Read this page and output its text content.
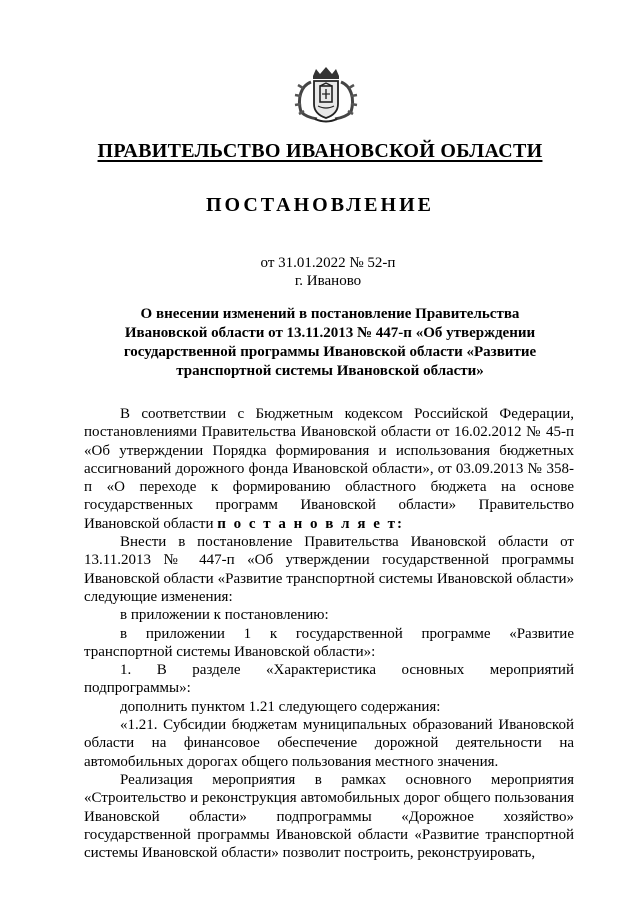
ПРАВИТЕЛЬСТВО ИВАНОВСКОЙ ОБЛАСТИ
ПОСТАНОВЛЕНИЕ
от 31.01.2022 № 52-п
г. Иваново
О внесении изменений в постановление Правительства Ивановской области от 13.11.2013 № 447-п «Об утверждении государственной программы Ивановской области «Развитие транспортной системы Ивановской области»

В соответствии с Бюджетным кодексом Российской Федерации, постановлениями Правительства Ивановской области от 16.02.2012 № 45-п «Об утверждении Порядка формирования и использования бюджетных ассигнований дорожного фонда Ивановской области», от 03.09.2013 № 358-п «О переходе к формированию областного бюджета на основе государственных программ Ивановской области» Правительство Ивановской области п о с т а н о в л я е т:

Внести в постановление Правительства Ивановской области от 13.11.2013 № 447-п «Об утверждении государственной программы Ивановской области «Развитие транспортной системы Ивановской области» следующие изменения:

в приложении к постановлению:

в приложении 1 к государственной программе «Развитие транспортной системы Ивановской области»:

1. В разделе «Характеристика основных мероприятий подпрограммы»:

дополнить пунктом 1.21 следующего содержания:

«1.21. Субсидии бюджетам муниципальных образований Ивановской области на финансовое обеспечение дорожной деятельности на автомобильных дорогах общего пользования местного значения.

Реализация мероприятия в рамках основного мероприятия «Строительство и реконструкция автомобильных дорог общего пользования Ивановской области» подпрограммы «Дорожное хозяйство» государственной программы Ивановской области «Развитие транспортной системы Ивановской области» позволит построить, реконструировать,
